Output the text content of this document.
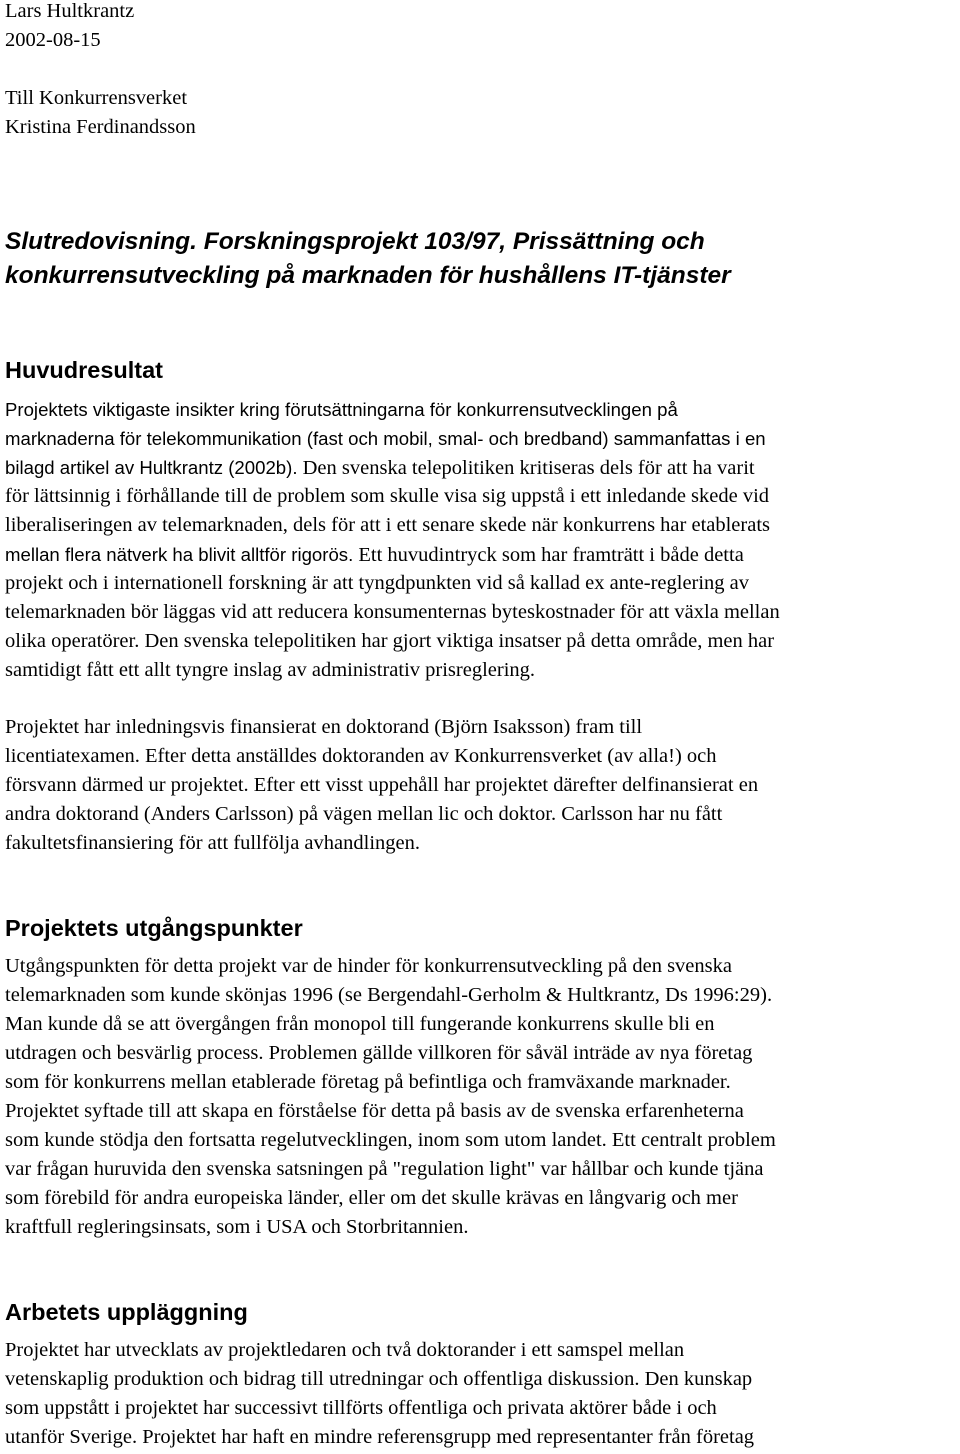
Lars Hultkrantz
2002-08-15
Till Konkurrensverket
Kristina Ferdinandsson
Slutredovisning. Forskningsprojekt 103/97, Prissättning och
konkurrensutveckling på marknaden för hushållens IT-tjänster
Huvudresultat
Projektets viktigaste insikter kring förutsättningarna för konkurrensutvecklingen på
marknaderna för telekommunikation (fast och mobil, smal- och bredband) sammanfattas i en
bilagd artikel av Hultkrantz (2002b). Den svenska telepolitiken kritiseras dels för att ha varit
för lättsinnig i förhållande till de problem som skulle visa sig uppstå i ett inledande skede vid
liberaliseringen av telemarknaden, dels för att i ett senare skede när konkurrens har etablerats
mellan flera nätverk ha blivit alltför rigorös. Ett huvudintryck som har framträtt i både detta
projekt och i internationell forskning är att tyngdpunkten vid så kallad ex ante-reglering av
telemarknaden bör läggas vid att reducera konsumenternas byteskostnader för att växla mellan
olika operatörer. Den svenska telepolitiken har gjort viktiga insatser på detta område, men har
samtidigt fått ett allt tyngre inslag av administrativ prisreglering.
Projektet har inledningsvis finansierat en doktorand (Björn Isaksson) fram till
licentiatexamen. Efter detta anställdes doktoranden av Konkurrensverket (av alla!) och
försvann därmed ur projektet. Efter ett visst uppehåll har projektet därefter delfinansierat en
andra doktorand (Anders Carlsson) på vägen mellan lic och doktor. Carlsson har nu fått
fakultetsfinansiering för att fullfölja avhandlingen.
Projektets utgångspunkter
Utgångspunkten för detta projekt var de hinder för konkurrensutveckling på den svenska
telemarknaden som kunde skönjas 1996 (se Bergendahl-Gerholm & Hultkrantz, Ds 1996:29).
Man kunde då se att övergången från monopol till fungerande konkurrens skulle bli en
utdragen och besvärlig process. Problemen gällde villkoren för såväl inträde av nya företag
som för konkurrens mellan etablerade företag på befintliga och framväxande marknader.
Projektet syftade till att skapa en förståelse för detta på basis av de svenska erfarenheterna
som kunde stödja den fortsatta regelutvecklingen, inom som utom landet. Ett centralt problem
var frågan huruvida den svenska satsningen på "regulation light" var hållbar och kunde tjäna
som förebild för andra europeiska länder, eller om det skulle krävas en långvarig och mer
kraftfull regleringsinsats, som i USA och Storbritannien.
Arbetets uppläggning
Projektet har utvecklats av projektledaren och två doktorander i ett samspel mellan
vetenskaplig produktion och bidrag till utredningar och offentliga diskussion. Den kunskap
som uppstått i projektet har successivt tillförts offentliga och privata aktörer både i och
utanför Sverige. Projektet har haft en mindre referensgrupp med representanter från företag
